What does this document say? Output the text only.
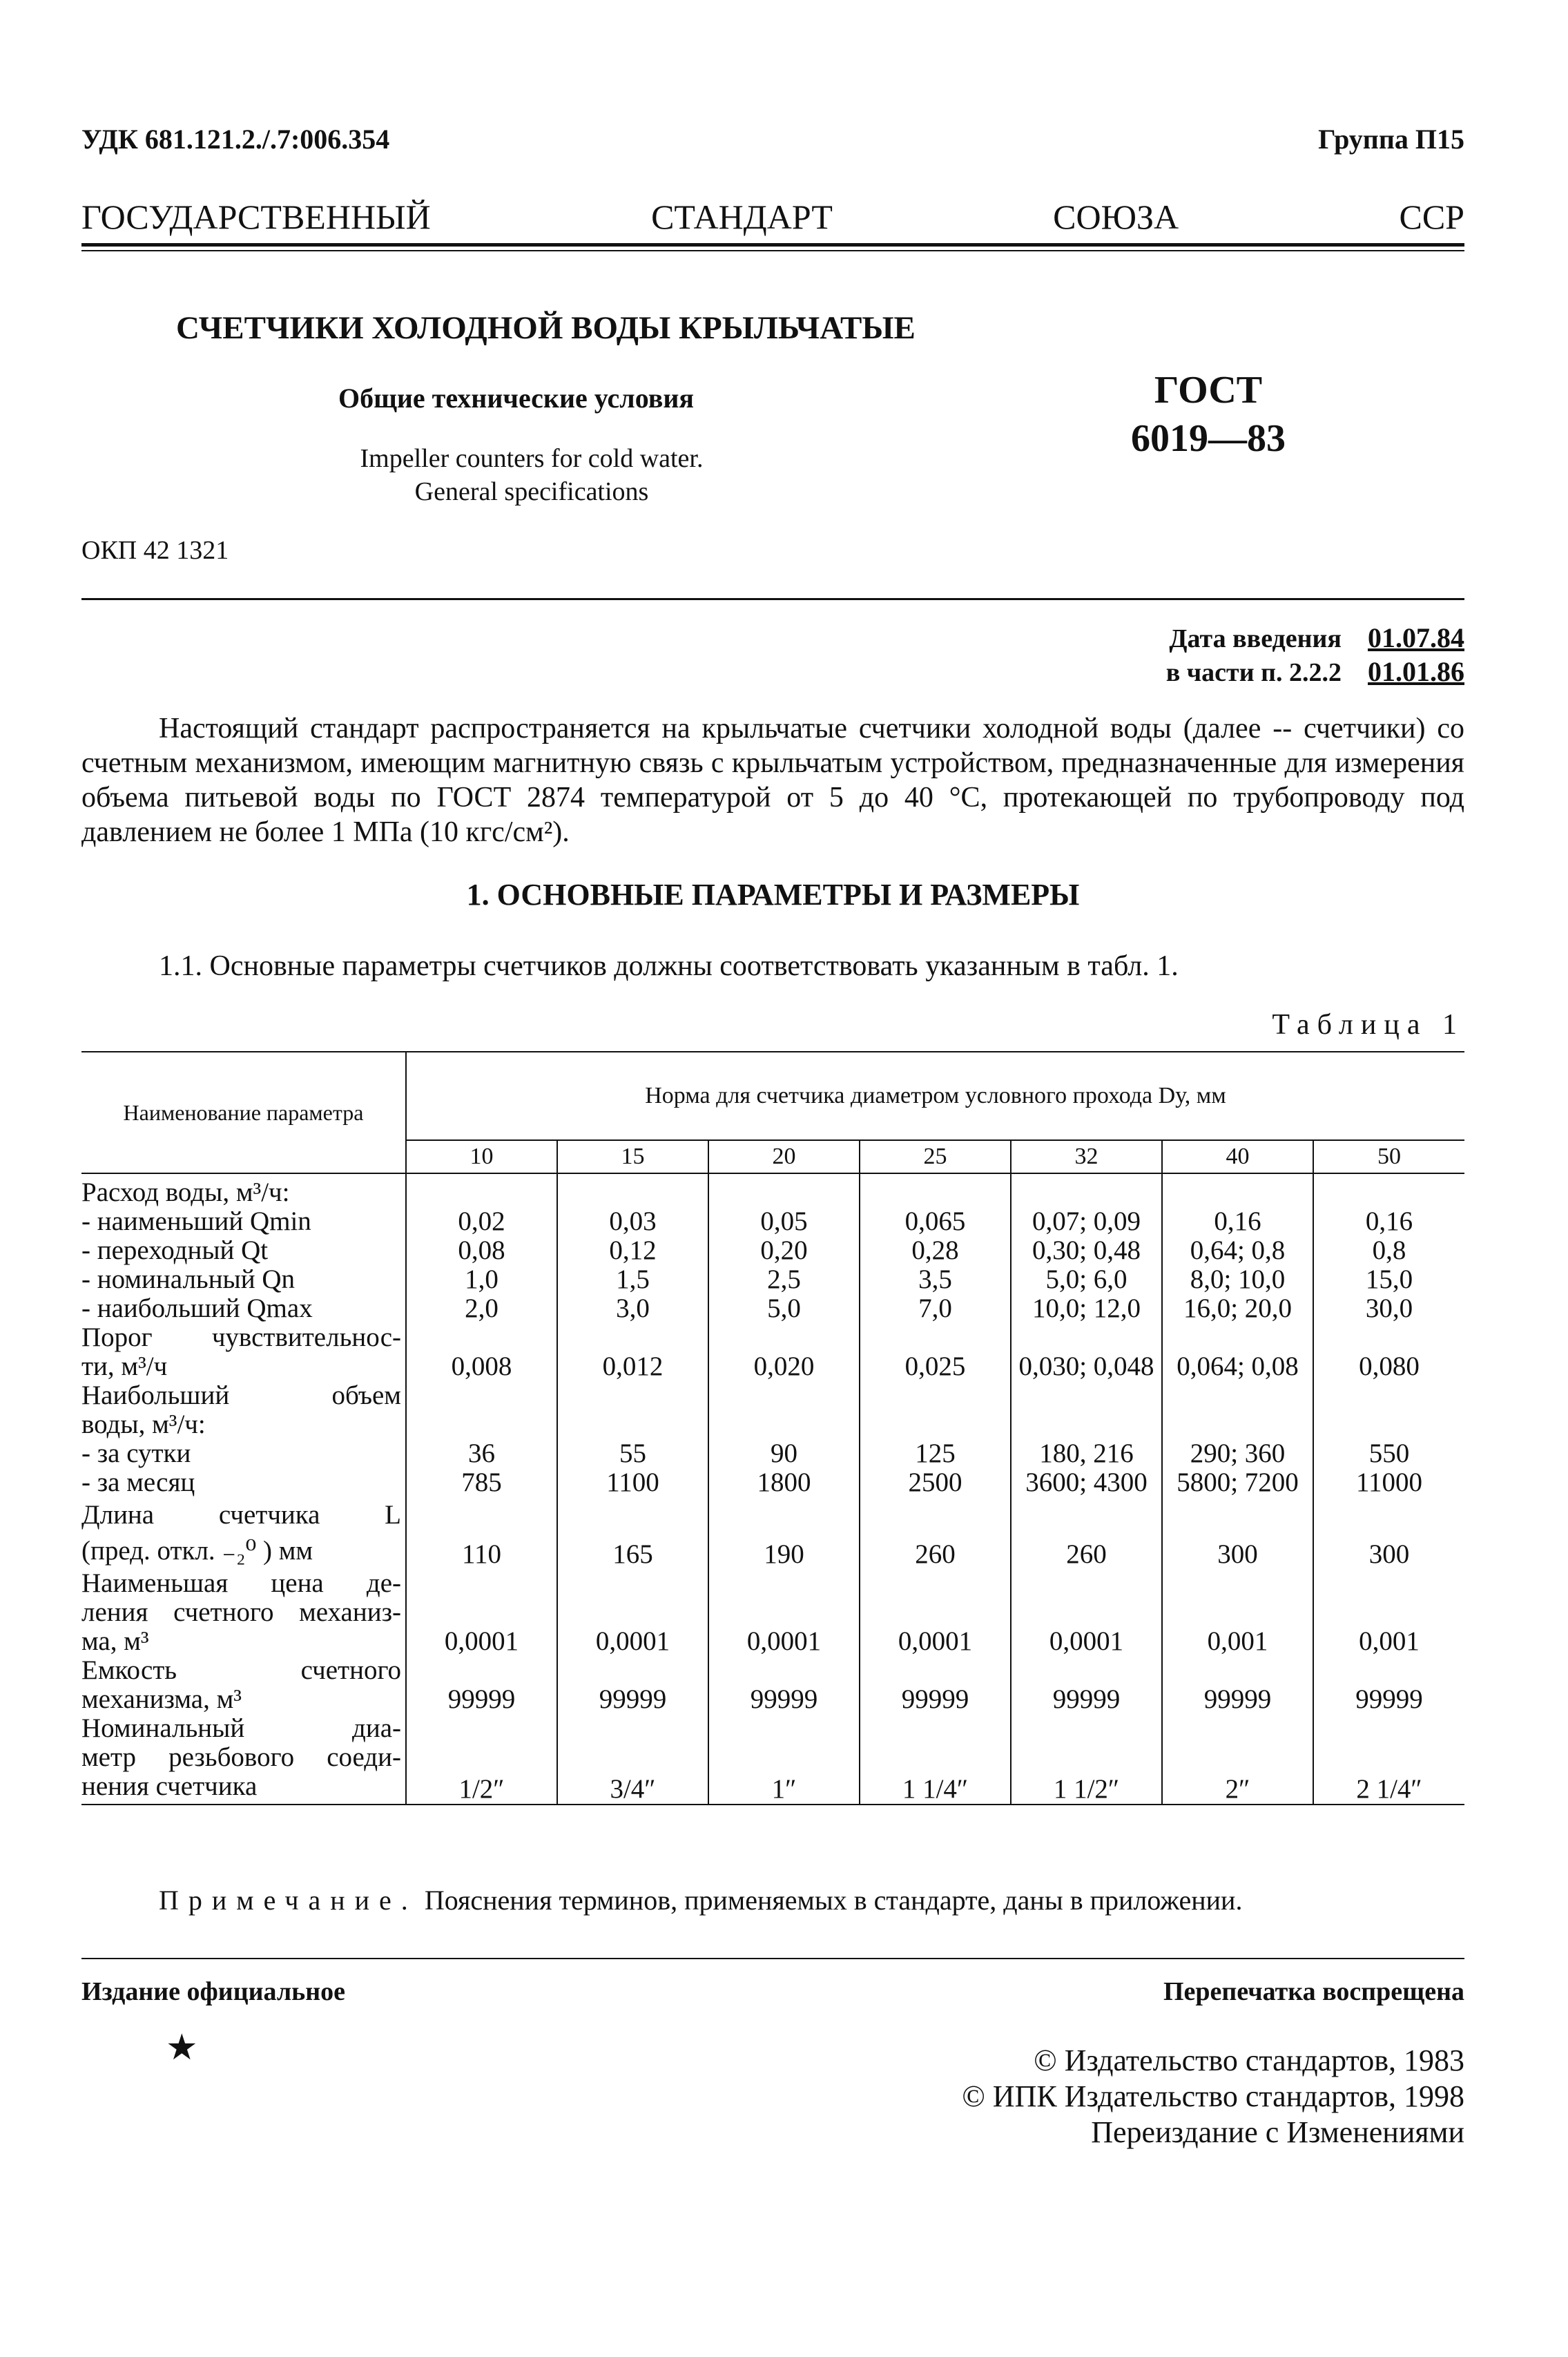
УДК 681.121.2./.7:006.354	Группа П15
ГОСУДАРСТВЕННЫЙ	СТАНДАРТ	СОЮЗА	ССР
СЧЕТЧИКИ ХОЛОДНОЙ ВОДЫ КРЫЛЬЧАТЫЕ
Общие технические условия
Impeller counters for cold water.
General specifications
ГОСТ
6019—83
ОКП 42 1321
Дата введения 01.07.84
в части п. 2.2.2 01.01.86
Настоящий стандарт распространяется на крыльчатые счетчики холодной воды (далее -- счетчики) со счетным механизмом, имеющим магнитную связь с крыльчатым устройством, предназначенные для измерения объема питьевой воды по ГОСТ 2874 температурой от 5 до 40 °С, протекающей по трубопроводу под давлением не более 1 МПа (10 кгс/см²).
1. ОСНОВНЫЕ ПАРАМЕТРЫ И РАЗМЕРЫ
1.1. Основные параметры счетчиков должны соответствовать указанным в табл. 1.
Таблица 1
Наименование параметра	Норма для счетчика диаметром условного прохода Dу, мм						
	10	15	20	25	32	40	50
Расход воды, м³/ч:							
- наименьший Qmin	0,02	0,03	0,05	0,065	0,07; 0,09	0,16	0,16
- переходный Qt	0,08	0,12	0,20	0,28	0,30; 0,48	0,64; 0,8	0,8
- номинальный Qn	1,0	1,5	2,5	3,5	5,0; 6,0	8,0; 10,0	15,0
- наибольший Qmax	2,0	3,0	5,0	7,0	10,0; 12,0	16,0; 20,0	30,0

Порог чувствительнос-
ти, м³/ч	0,008	0,012	0,020	0,025	0,030; 0,048	0,064; 0,08	0,080

Наибольший объем
воды, м³/ч:							

- за сутки	36	55	90	125	180, 216	290; 360	550
- за месяц	785	1100	1800	2500	3600; 4300	5800; 7200	11000

Длина счетчика L
(пред. откл. ₋₂⁰ ) мм	110	165	190	260	260	300	300

Наименьшая цена де-
ления счетного механиз-
ма, м³	0,0001	0,0001	0,0001	0,0001	0,0001	0,001	0,001

Емкость счетного
механизма, м³	99999	99999	99999	99999	99999	99999	99999

Номинальный диа-
метр резьбового соеди-
нения счетчика	1/2″	3/4″	1″	1 1/4″	1 1/2″	2″	2 1/4″
Примечание. Пояснения терминов, применяемых в стандарте, даны в приложении.
Издание официальное	Перепечатка воспрещена
★	© Издательство стандартов, 1983
© ИПК Издательство стандартов, 1998
Переиздание с Изменениями
